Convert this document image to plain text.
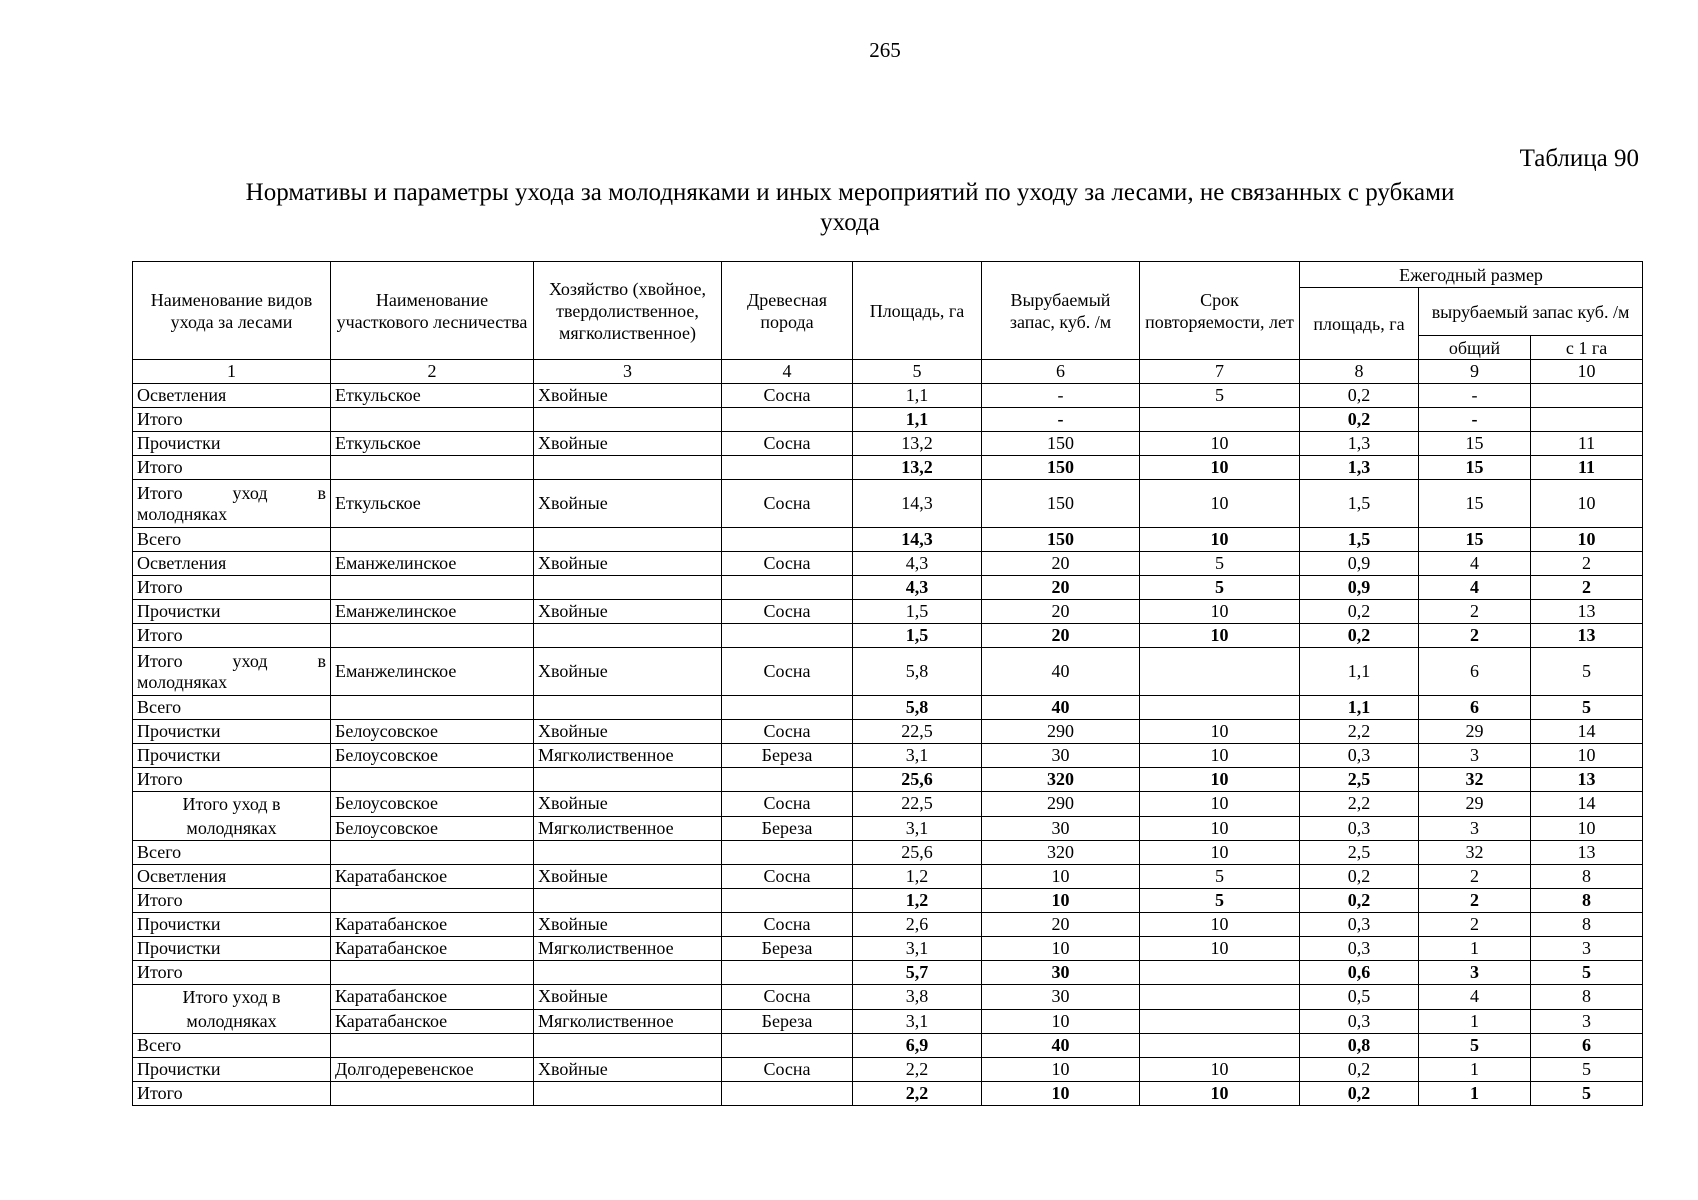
265
Таблица 90
Нормативы и параметры ухода за молодняками и иных мероприятий по уходу за лесами, не связанных с рубками
ухода
Наименование видов ухода за лесами	Наименование участкового лесничества	Хозяйство (хвойное, твердолиственное, мягколиственное)	Древесная порода	Площадь, га	Вырубаемый запас, куб. /м	Срок повторяемости, лет	Ежегодный размер		
							площадь, га	вырубаемый запас куб. /м	
								общий	с 1 га
1	2	3	4	5	6	7	8	9	10
Осветления	Еткульское	Хвойные	Сосна	1,1	-	5	0,2	-	
Итого				1,1	-		0,2	-	
Прочистки	Еткульское	Хвойные	Сосна	13,2	150	10	1,3	15	11
Итого				13,2	150	10	1,3	15	11

Итого уход в молодняках	Еткульское	Хвойные	Сосна	14,3	150	10	1,5	15	10
Всего				14,3	150	10	1,5	15	10
Осветления	Еманжелинское	Хвойные	Сосна	4,3	20	5	0,9	4	2
Итого				4,3	20	5	0,9	4	2
Прочистки	Еманжелинское	Хвойные	Сосна	1,5	20	10	0,2	2	13
Итого				1,5	20	10	0,2	2	13

Итого уход в молодняках	Еманжелинское	Хвойные	Сосна	5,8	40		1,1	6	5
Всего				5,8	40		1,1	6	5
Прочистки	Белоусовское	Хвойные	Сосна	22,5	290	10	2,2	29	14
Прочистки	Белоусовское	Мягколиственное	Береза	3,1	30	10	0,3	3	10
Итого				25,6	320	10	2,5	32	13
Итого уход в молодняках	Белоусовское	Хвойные	Сосна	22,5	290	10	2,2	29	14
	Белоусовское	Мягколиственное	Береза	3,1	30	10	0,3	3	10
Всего				25,6	320	10	2,5	32	13
Осветления	Каратабанское	Хвойные	Сосна	1,2	10	5	0,2	2	8
Итого				1,2	10	5	0,2	2	8
Прочистки	Каратабанское	Хвойные	Сосна	2,6	20	10	0,3	2	8
Прочистки	Каратабанское	Мягколиственное	Береза	3,1	10	10	0,3	1	3
Итого				5,7	30		0,6	3	5
Итого уход в молодняках	Каратабанское	Хвойные	Сосна	3,8	30		0,5	4	8
	Каратабанское	Мягколиственное	Береза	3,1	10		0,3	1	3
Всего				6,9	40		0,8	5	6
Прочистки	Долгодеревенское	Хвойные	Сосна	2,2	10	10	0,2	1	5
Итого				2,2	10	10	0,2	1	5
